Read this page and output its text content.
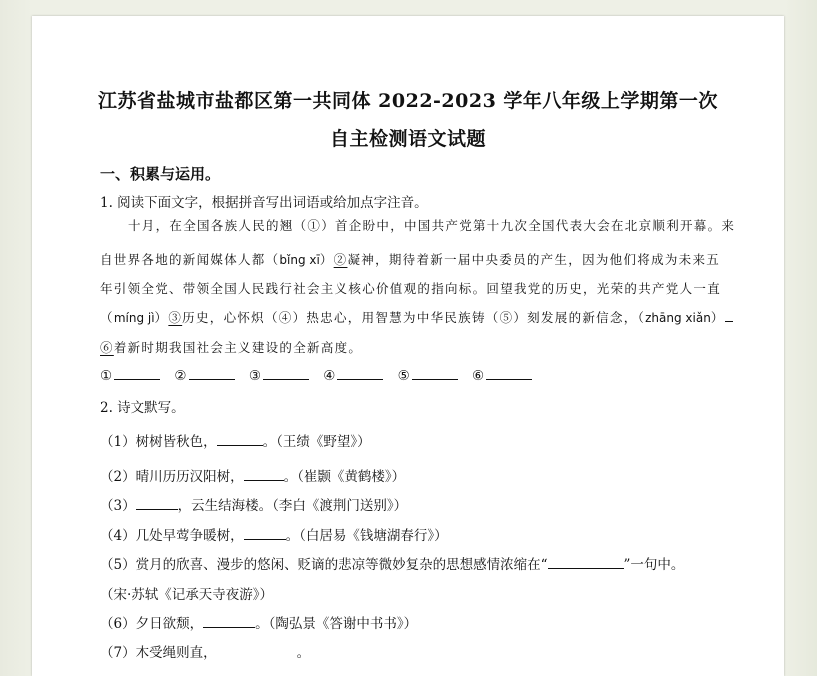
江苏省盐城市盐都区第一共同体 2022-2023 学年八年级上学期第一次
自主检测语文试题
一、积累与运用。
1. 阅读下面文字，根据拼音写出词语或给加点字注音。
十月，在全国各族人民的翘（①）首企盼中，中国共产党第十九次全国代表大会在北京顺利开幕。来
自世界各地的新闻媒体人都（bǐng xī）②凝神，期待着新一届中央委员的产生，因为他们将成为未来五
年引领全党、带领全国人民践行社会主义核心价值观的指向标。回望我党的历史，光荣的共产党人一直
（míng jì）③历史，心怀炽（④）热忠心，用智慧为中华民族铸（⑤）刻发展的新信念，（zhāng xiǎn）
⑥着新时期我国社会主义建设的全新高度。
①	②	③	④	⑤	⑥
2. 诗文默写。
（1）树树皆秋色，	。（王绩《野望》）
（2）晴川历历汉阳树，	。（崔颢《黄鹤楼》）
（3）	，云生结海楼。（李白《渡荆门送别》）
（4）几处早莺争暖树，	。（白居易《钱塘湖春行》）
（5）赏月的欣喜、漫步的悠闲、贬谪的悲凉等微妙复杂的思想感情浓缩在“	”一句中。
（宋·苏轼《记承天寺夜游》）
（6）夕日欲颓，	。（陶弘景《答谢中书书》）
（7）木受绳则直，	。
